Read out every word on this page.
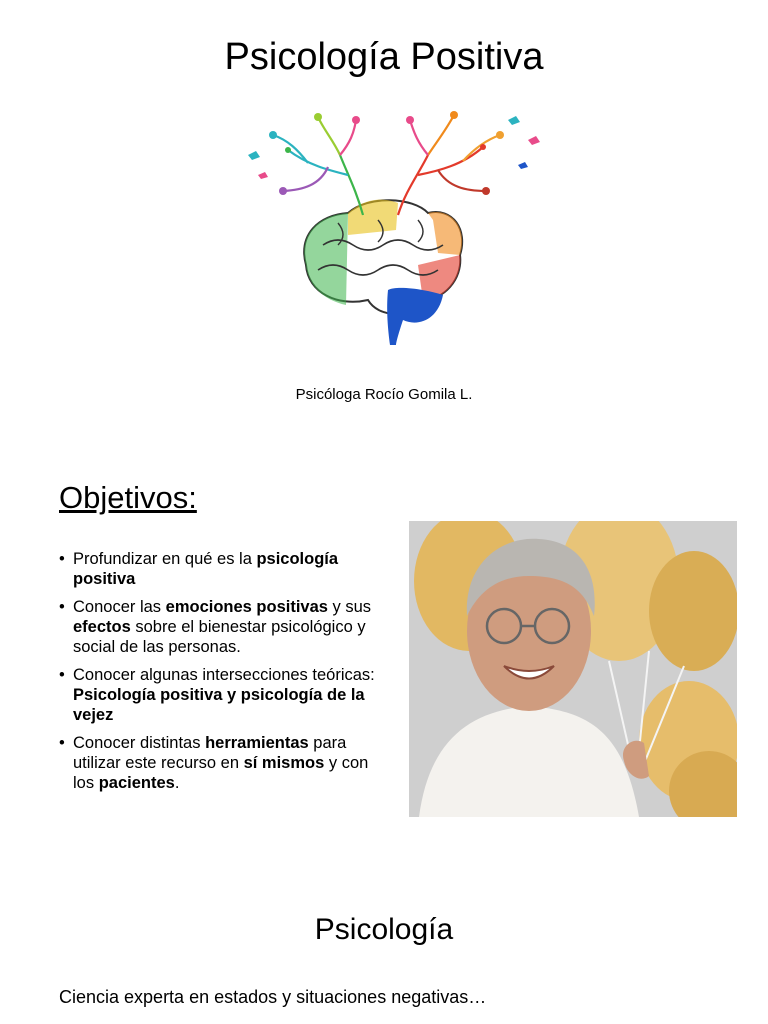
Psicología Positiva
Psicóloga Rocío Gomila L.
Objetivos:
• Profundizar en qué es la psicología positiva
• Conocer las emociones positivas y sus efectos sobre el bienestar psicológico y social de las personas.
• Conocer algunas intersecciones teóricas: Psicología positiva y psicología de la vejez
• Conocer distintas herramientas para utilizar este recurso en sí mismos y con los pacientes.
Psicología
Ciencia experta en estados y situaciones negativas…
